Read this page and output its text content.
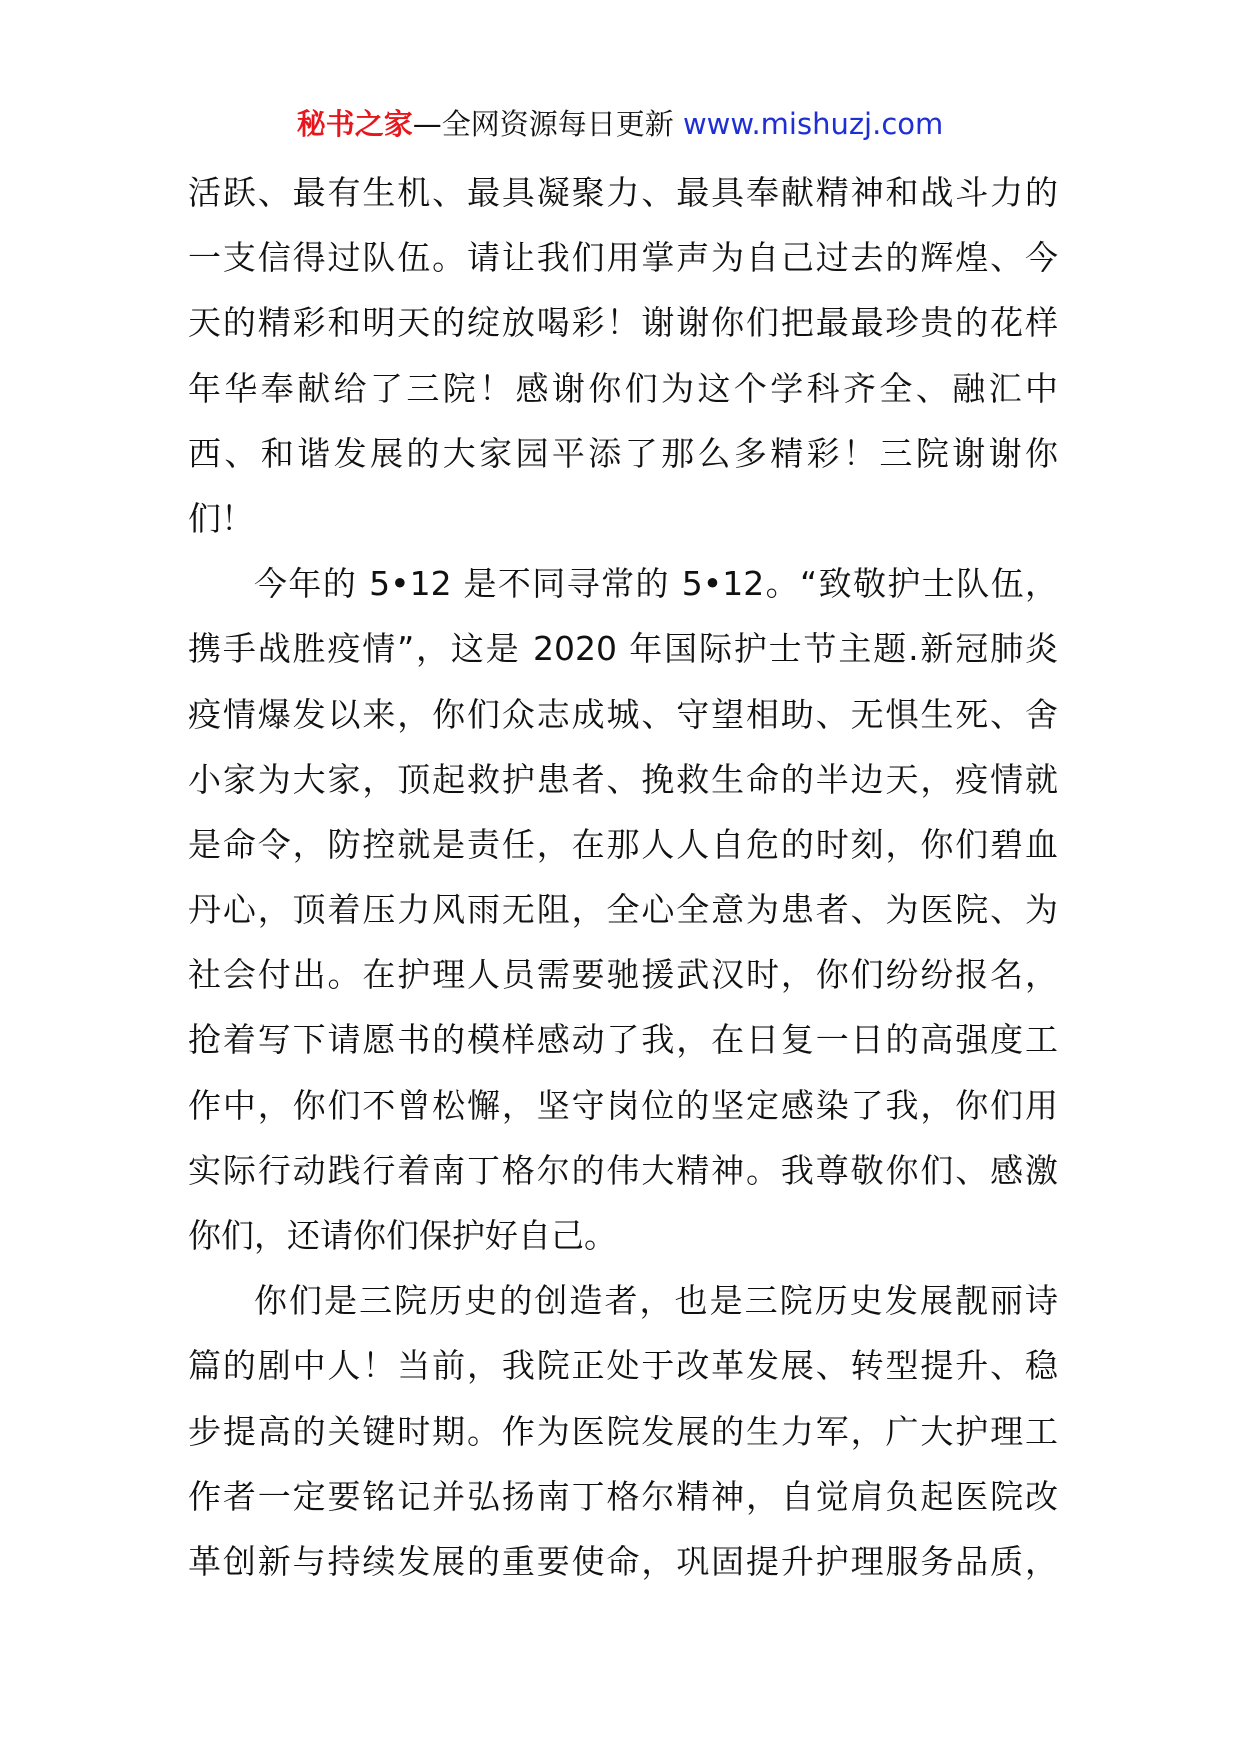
秘书之家—全网资源每日更新 www.mishuzj.com
活跃、最有生机、最具凝聚力、最具奉献精神和战斗力的
一支信得过队伍。请让我们用掌声为自己过去的辉煌、今
天的精彩和明天的绽放喝彩！谢谢你们把最最珍贵的花样
年华奉献给了三院！感谢你们为这个学科齐全、融汇中
西、和谐发展的大家园平添了那么多精彩！三院谢谢你
们！
今年的 5•12 是不同寻常的 5•12。“致敬护士队伍，
携手战胜疫情”，这是 2020 年国际护士节主题.新冠肺炎
疫情爆发以来，你们众志成城、守望相助、无惧生死、舍
小家为大家，顶起救护患者、挽救生命的半边天，疫情就
是命令，防控就是责任，在那人人自危的时刻，你们碧血
丹心，顶着压力风雨无阻，全心全意为患者、为医院、为
社会付出。在护理人员需要驰援武汉时，你们纷纷报名，
抢着写下请愿书的模样感动了我，在日复一日的高强度工
作中，你们不曾松懈，坚守岗位的坚定感染了我，你们用
实际行动践行着南丁格尔的伟大精神。我尊敬你们、感激
你们，还请你们保护好自己。
你们是三院历史的创造者，也是三院历史发展靓丽诗
篇的剧中人！当前，我院正处于改革发展、转型提升、稳
步提高的关键时期。作为医院发展的生力军，广大护理工
作者一定要铭记并弘扬南丁格尔精神，自觉肩负起医院改
革创新与持续发展的重要使命，巩固提升护理服务品质，
